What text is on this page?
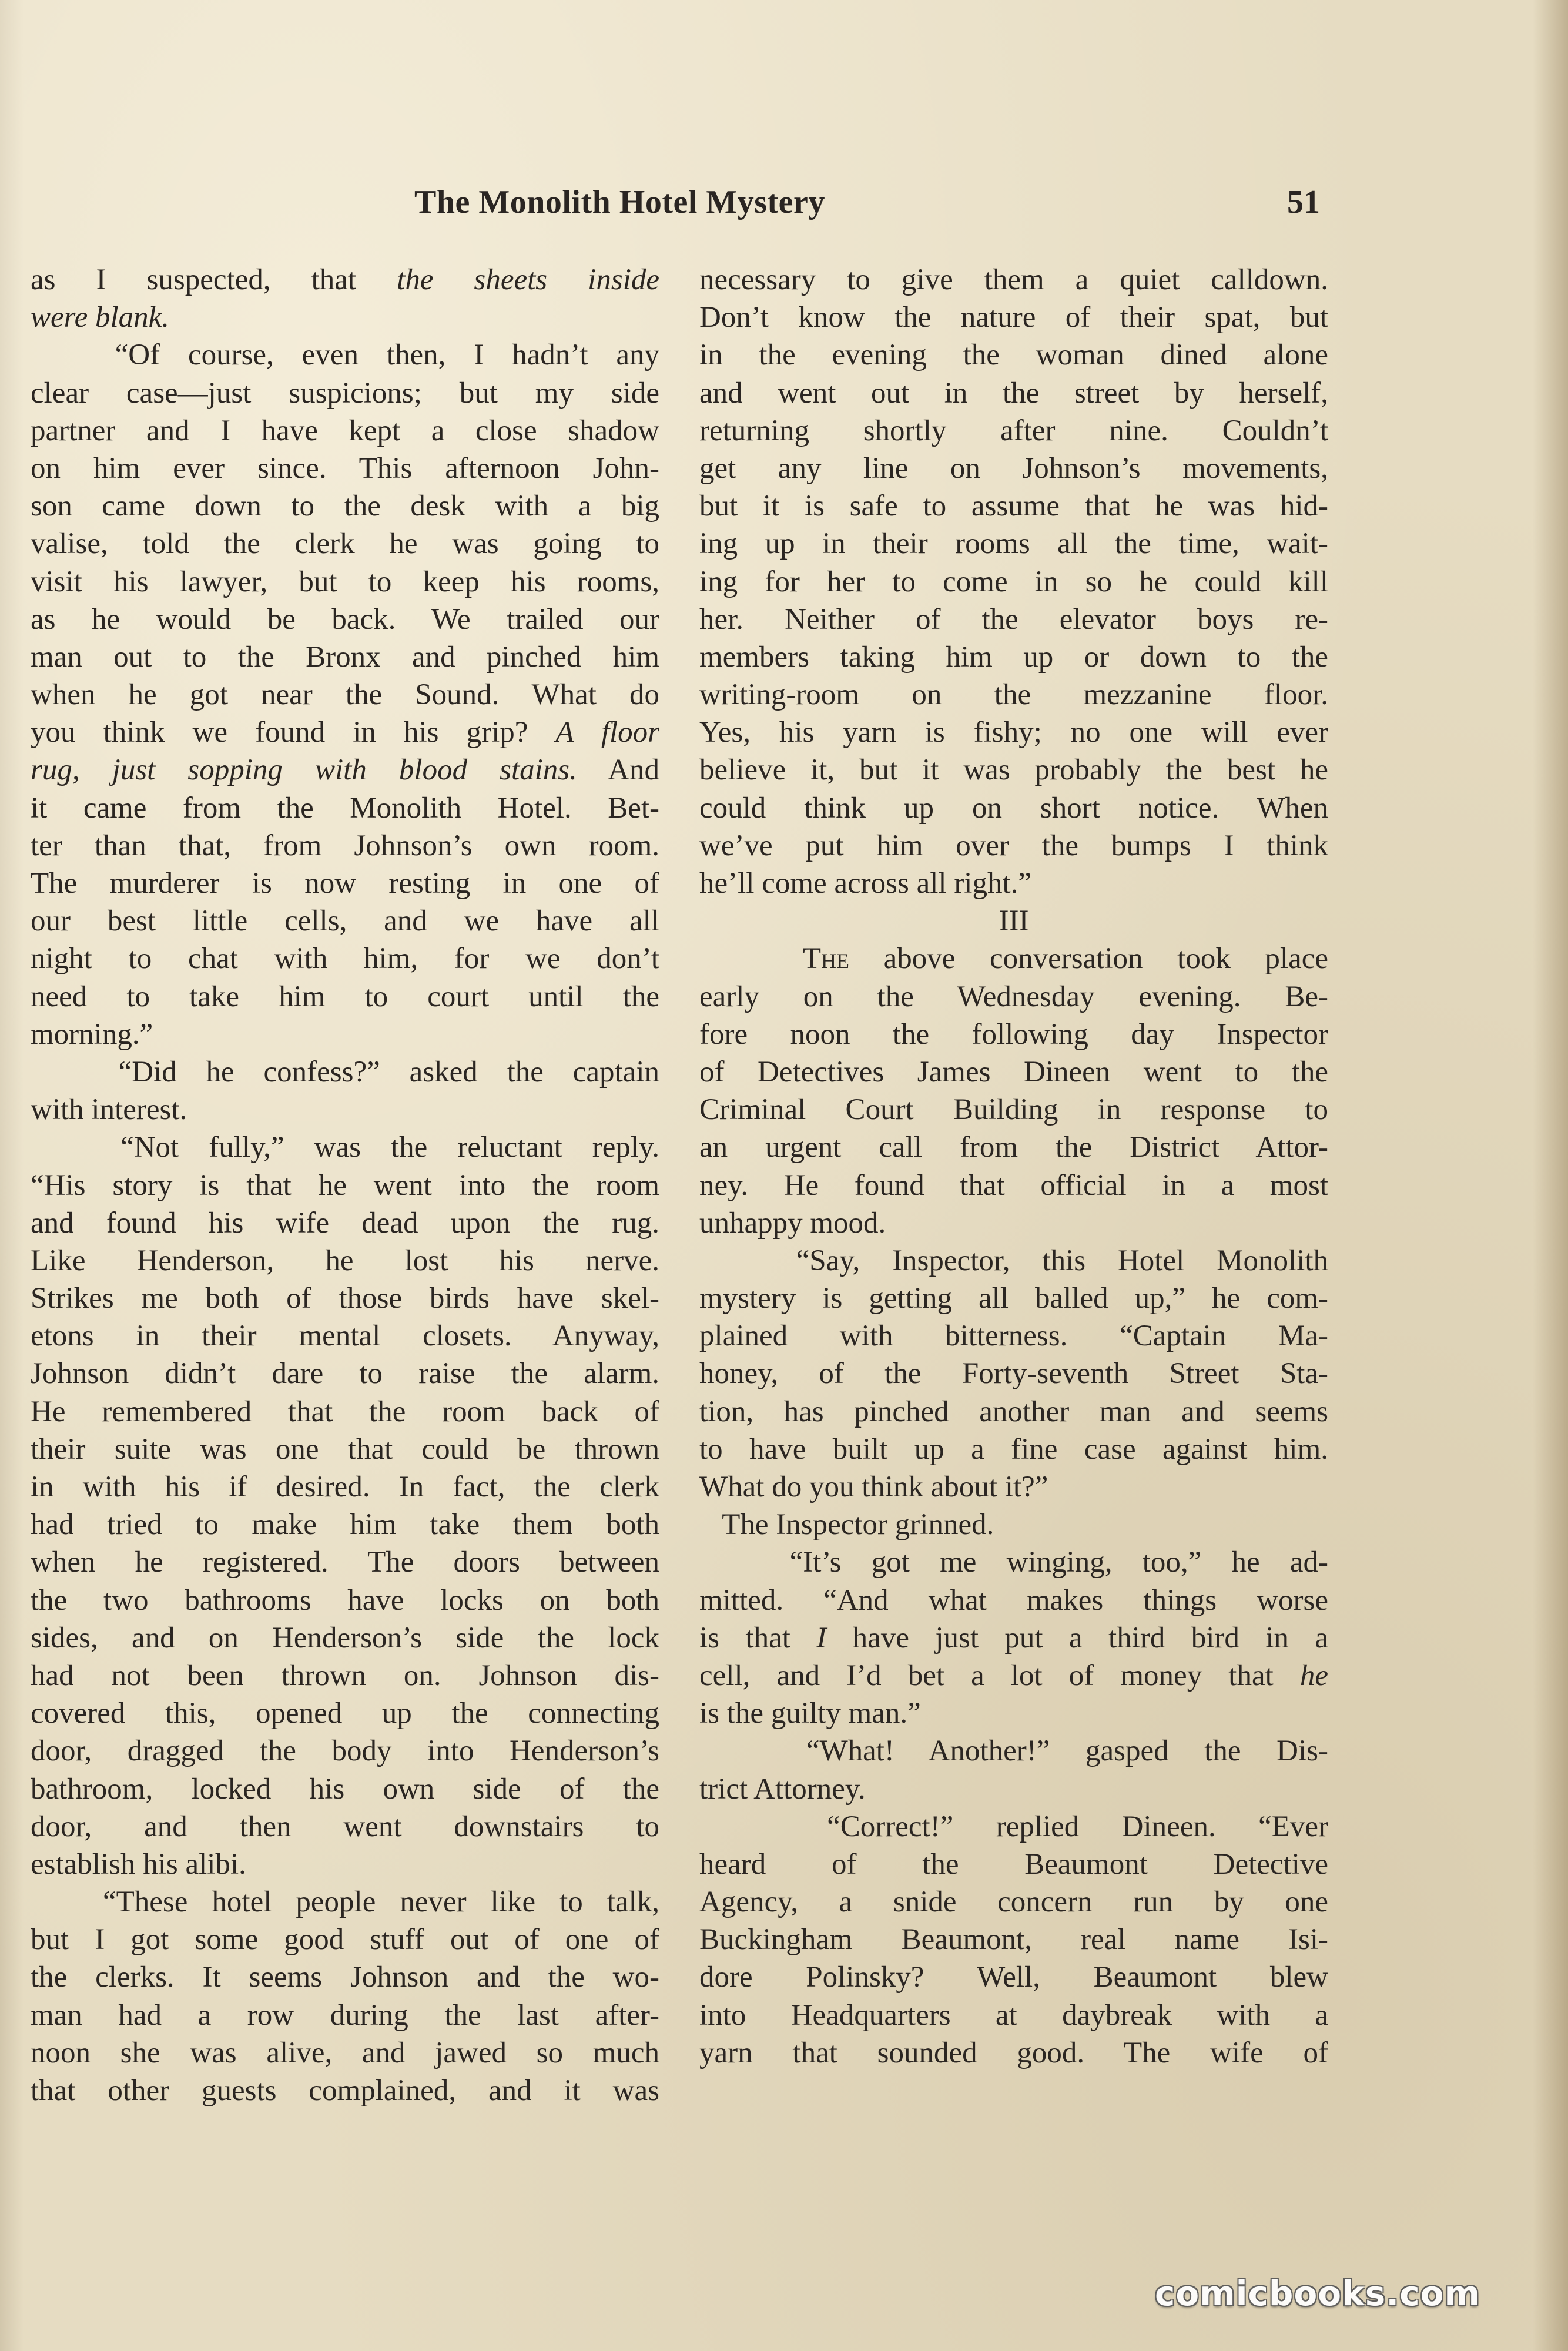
The Monolith Hotel Mystery	51
as I suspected, that the sheets inside
were blank.
“Of course, even then, I hadn’t any
clear case—just suspicions; but my side
partner and I have kept a close shadow
on him ever since. This afternoon John-
son came down to the desk with a big
valise, told the clerk he was going to
visit his lawyer, but to keep his rooms,
as he would be back. We trailed our
man out to the Bronx and pinched him
when he got near the Sound. What do
you think we found in his grip? A floor
rug, just sopping with blood stains. And
it came from the Monolith Hotel. Bet-
ter than that, from Johnson’s own room.
The murderer is now resting in one of
our best little cells, and we have all
night to chat with him, for we don’t
need to take him to court until the
morning.”
“Did he confess?” asked the captain
with interest.
“Not fully,” was the reluctant reply.
“His story is that he went into the room
and found his wife dead upon the rug.
Like Henderson, he lost his nerve.
Strikes me both of those birds have skel-
etons in their mental closets. Anyway,
Johnson didn’t dare to raise the alarm.
He remembered that the room back of
their suite was one that could be thrown
in with his if desired. In fact, the clerk
had tried to make him take them both
when he registered. The doors between
the two bathrooms have locks on both
sides, and on Henderson’s side the lock
had not been thrown on. Johnson dis-
covered this, opened up the connecting
door, dragged the body into Henderson’s
bathroom, locked his own side of the
door, and then went downstairs to
establish his alibi.
“These hotel people never like to talk,
but I got some good stuff out of one of
the clerks. It seems Johnson and the wo-
man had a row during the last after-
noon she was alive, and jawed so much
that other guests complained, and it was
necessary to give them a quiet calldown.
Don’t know the nature of their spat, but
in the evening the woman dined alone
and went out in the street by herself,
returning shortly after nine. Couldn’t
get any line on Johnson’s movements,
but it is safe to assume that he was hid-
ing up in their rooms all the time, wait-
ing for her to come in so he could kill
her. Neither of the elevator boys re-
members taking him up or down to the
writing-room on the mezzanine floor.
Yes, his yarn is fishy; no one will ever
believe it, but it was probably the best he
could think up on short notice. When
we’ve put him over the bumps I think
he’ll come across all right.”
III
The above conversation took place
early on the Wednesday evening. Be-
fore noon the following day Inspector
of Detectives James Dineen went to the
Criminal Court Building in response to
an urgent call from the District Attor-
ney. He found that official in a most
unhappy mood.
“Say, Inspector, this Hotel Monolith
mystery is getting all balled up,” he com-
plained with bitterness. “Captain Ma-
honey, of the Forty-seventh Street Sta-
tion, has pinched another man and seems
to have built up a fine case against him.
What do you think about it?”
The Inspector grinned.
“It’s got me winging, too,” he ad-
mitted. “And what makes things worse
is that I have just put a third bird in a
cell, and I’d bet a lot of money that he
is the guilty man.”
“What! Another!” gasped the Dis-
trict Attorney.
“Correct!” replied Dineen. “Ever
heard of the Beaumont Detective
Agency, a snide concern run by one
Buckingham Beaumont, real name Isi-
dore Polinsky? Well, Beaumont blew
into Headquarters at daybreak with a
yarn that sounded good. The wife of
comicbooks.com
